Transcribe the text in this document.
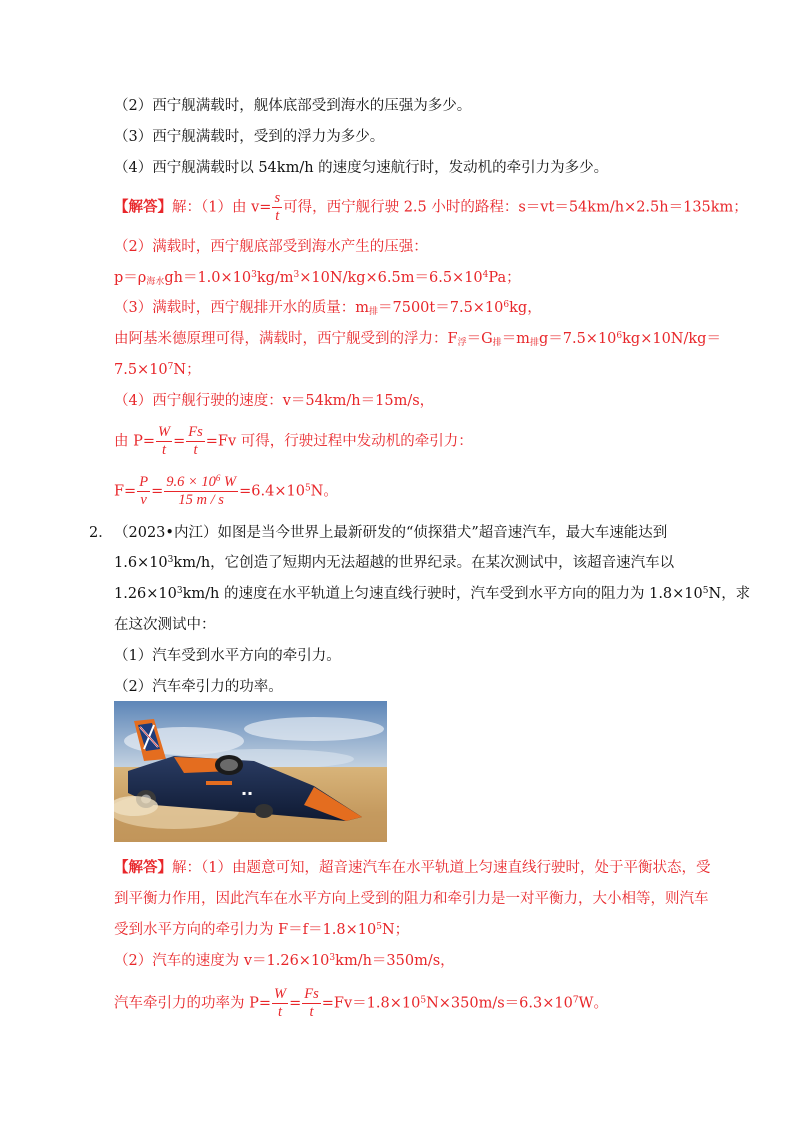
（2）西宁舰满载时，舰体底部受到海水的压强为多少。
（3）西宁舰满载时，受到的浮力为多少。
（4）西宁舰满载时以 54km/h 的速度匀速航行时，发动机的牵引力为多少。
【解答】解：（1）由 $v= \frac{s}{t}$ 可得，西宁舰行驶 2.5 小时的路程：s＝vt＝54km/h×2.5h＝135km；
（2）满载时，西宁舰底部受到海水产生的压强：
$p=\rho_{海水}gh=1.0\times 10^3kg/m^3\times 10N/kg\times 6.5m=6.5\times 10^4Pa$；
（3）满载时，西宁舰排开水的质量：$m_排=7500t=7.5\times 10^6kg$，
由阿基米德原理可得，满载时，西宁舰受到的浮力：$F_浮=G_排=m_排g=7.5\times 10^6kg\times 10N/kg=$
$7.5\times 10^7N$；
（4）西宁舰行驶的速度：v＝54km/h＝15m/s，
由 $P= \frac{W}{t} = \frac{Fs}{t} =Fv$ 可得，行驶过程中发动机的牵引力：
$F= \frac{P}{v} = \frac{9.6 \times 10^6 W}{15 m / s} =6.4\times 10^5N$。
2． （2023•内江）如图是当今世界上最新研发的“侦探猎犬”超音速汽车，最大车速能达到
$1.6\times 10^3km/h$，它创造了短期内无法超越的世界纪录。在某次测试中，该超音速汽车以
$1.26\times 10^3km/h$ 的速度在水平轨道上匀速直线行驶时，汽车受到水平方向的阻力为 $1.8\times 10^5N$，求
在这次测试中：
（1）汽车受到水平方向的牵引力。
（2）汽车牵引力的功率。
▪ ▪
【解答】解：（1）由题意可知，超音速汽车在水平轨道上匀速直线行驶时，处于平衡状态，受
到平衡力作用，因此汽车在水平方向上受到的阻力和牵引力是一对平衡力，大小相等，则汽车
受到水平方向的牵引力为 $F=f=1.8\times 10^5N$；
（2）汽车的速度为 $v=1.26\times 10^3km/h=350m/s$，
汽车牵引力的功率为 $P= \frac{W}{t} = \frac{Fs}{t} =Fv=1.8\times 10^5N\times 350m/s=6.3\times 10^7W$。
